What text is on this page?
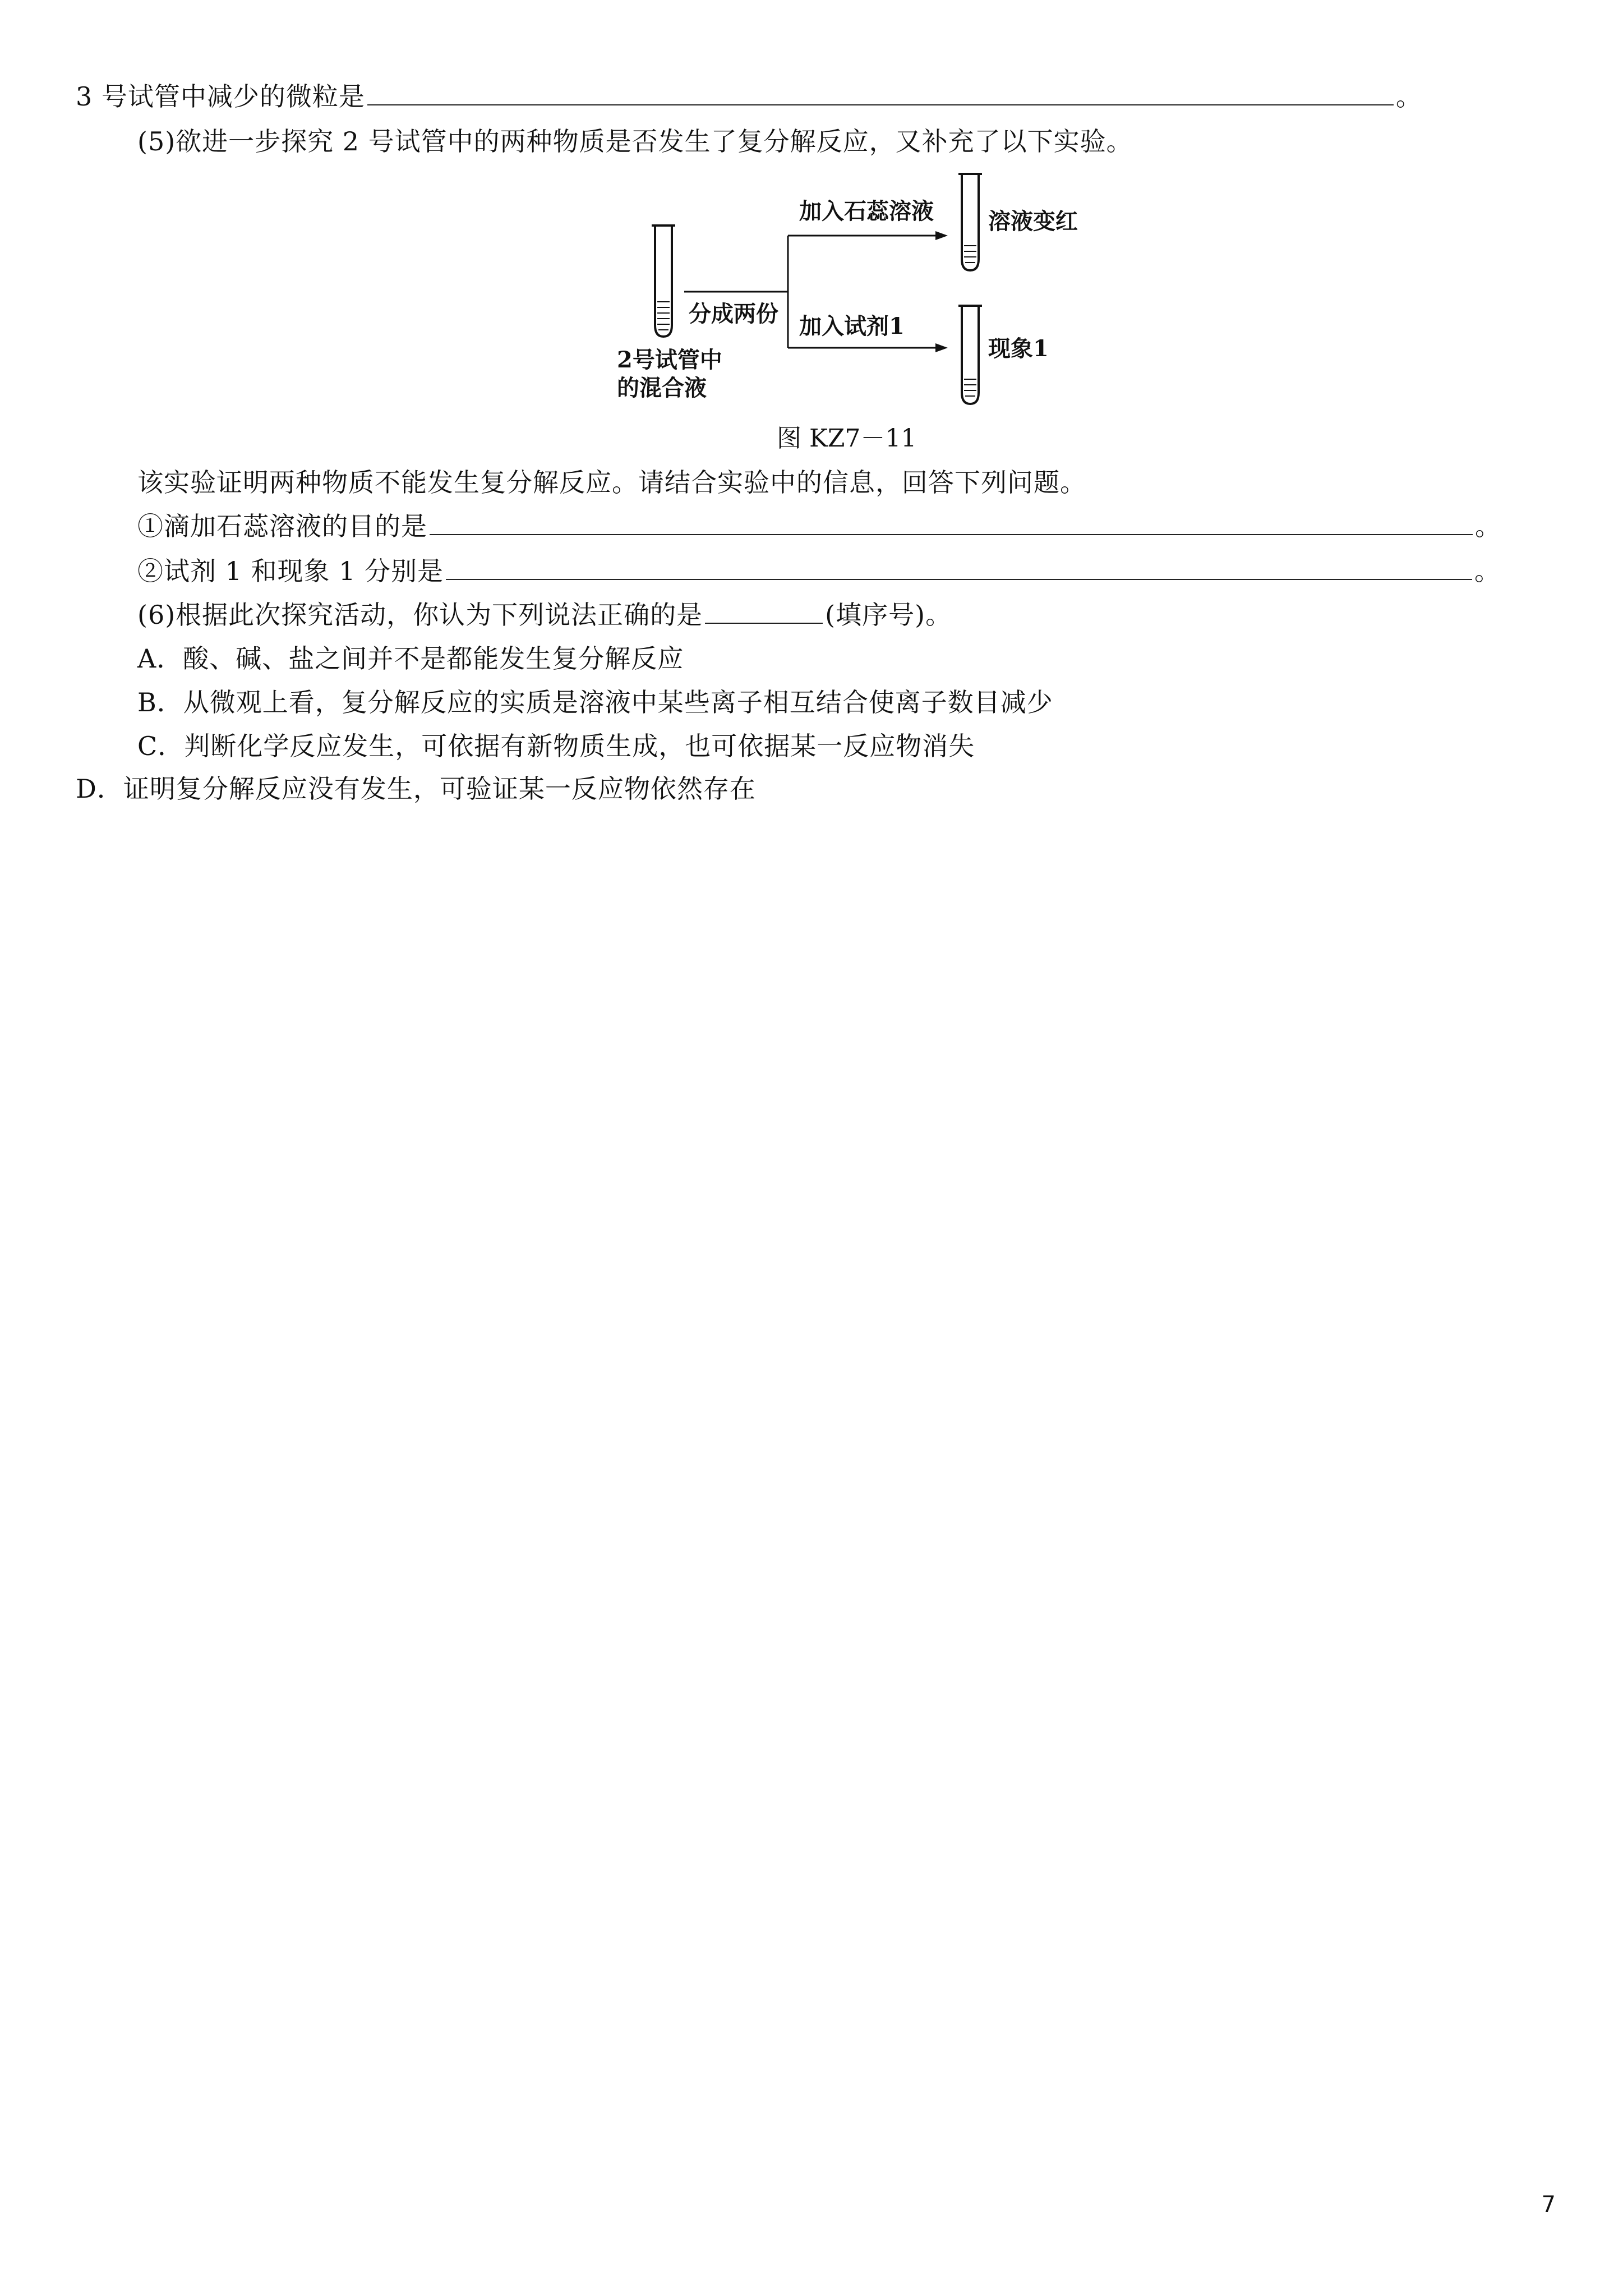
3 号试管中减少的微粒是	。
(5)欲进一步探究 2 号试管中的两种物质是否发生了复分解反应，又补充了以下实验。
2号试管中
的混合液
分成两份
加入石蕊溶液
加入试剂1
溶液变红
现象1
图 KZ7－11
该实验证明两种物质不能发生复分解反应。请结合实验中的信息，回答下列问题。
①滴加石蕊溶液的目的是	。
②试剂 1 和现象 1 分别是	。
(6)根据此次探究活动，你认为下列说法正确的是	(填序号)。
A．酸、碱、盐之间并不是都能发生复分解反应
B．从微观上看，复分解反应的实质是溶液中某些离子相互结合使离子数目减少
C．判断化学反应发生，可依据有新物质生成，也可依据某一反应物消失
D．证明复分解反应没有发生，可验证某一反应物依然存在
7
